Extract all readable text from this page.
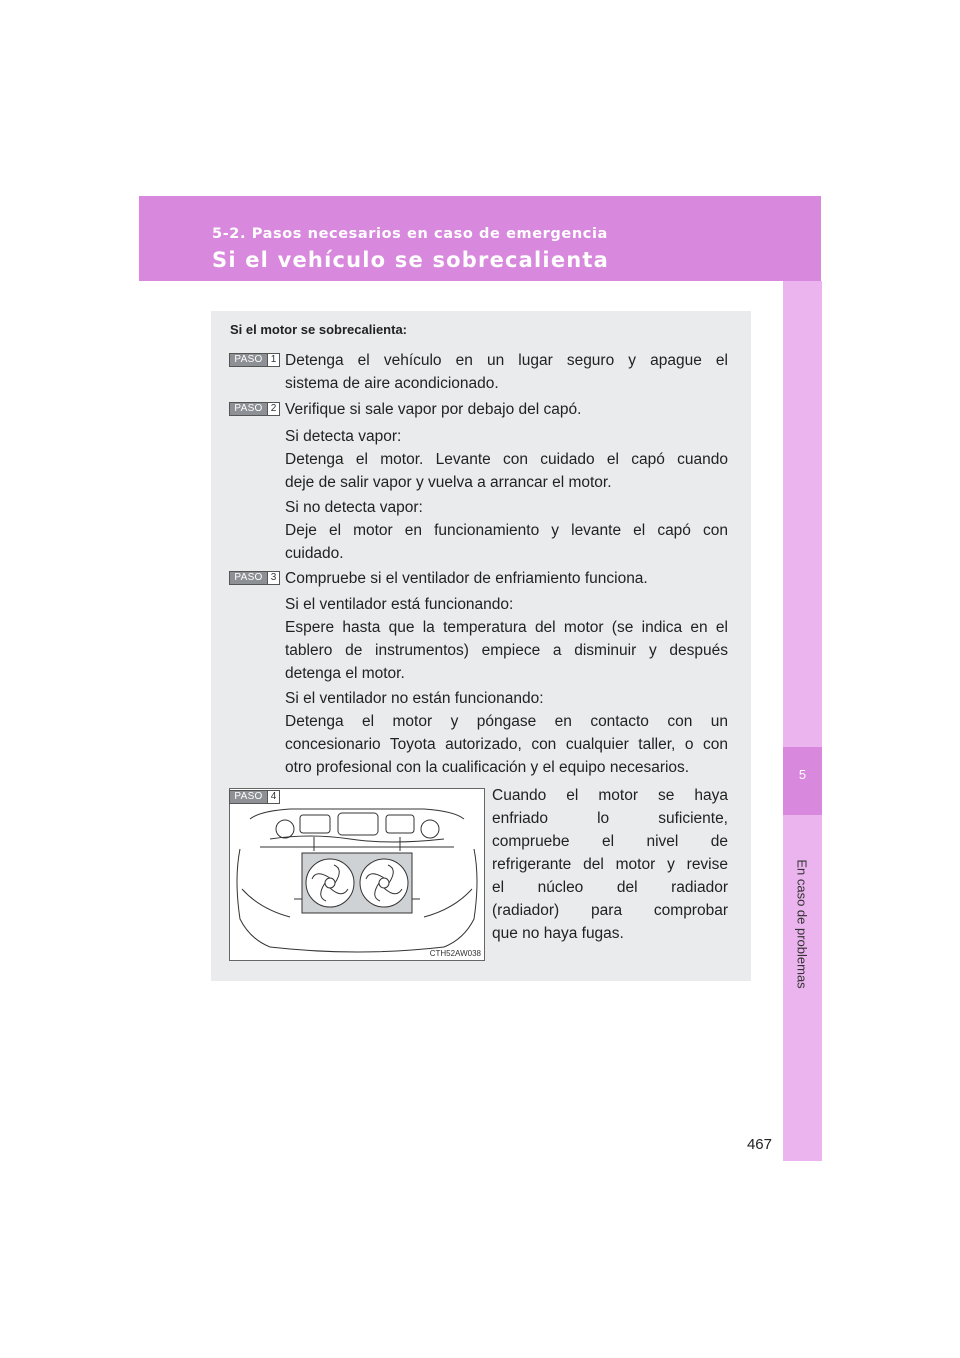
5-2. Pasos necesarios en caso de emergencia
Si el vehículo se sobrecalienta
5
En caso de problemas
467
Si el motor se sobrecalienta:
PASO 1 Detenga el vehículo en un lugar seguro y apague el
sistema de aire acondicionado.
PASO 2 Verifique si sale vapor por debajo del capó.
Si detecta vapor:
Detenga el motor. Levante con cuidado el capó cuando
deje de salir vapor y vuelva a arrancar el motor.
Si no detecta vapor:
Deje el motor en funcionamiento y levante el capó con
cuidado.
PASO 3 Compruebe si el ventilador de enfriamiento funciona.
Si el ventilador está funcionando:
Espere hasta que la temperatura del motor (se indica en el
tablero de instrumentos) empiece a disminuir y después
detenga el motor.
Si el ventilador no están funcionando:
Detenga el motor y póngase en contacto con un
concesionario Toyota autorizado, con cualquier taller, o con
otro profesional con la cualificación y el equipo necesarios.
PASO 4
CTH52AW038
Cuando el motor se haya
enfriado lo suficiente,
compruebe el nivel de
refrigerante del motor y revise
el núcleo del radiador
(radiador) para comprobar
que no haya fugas.
